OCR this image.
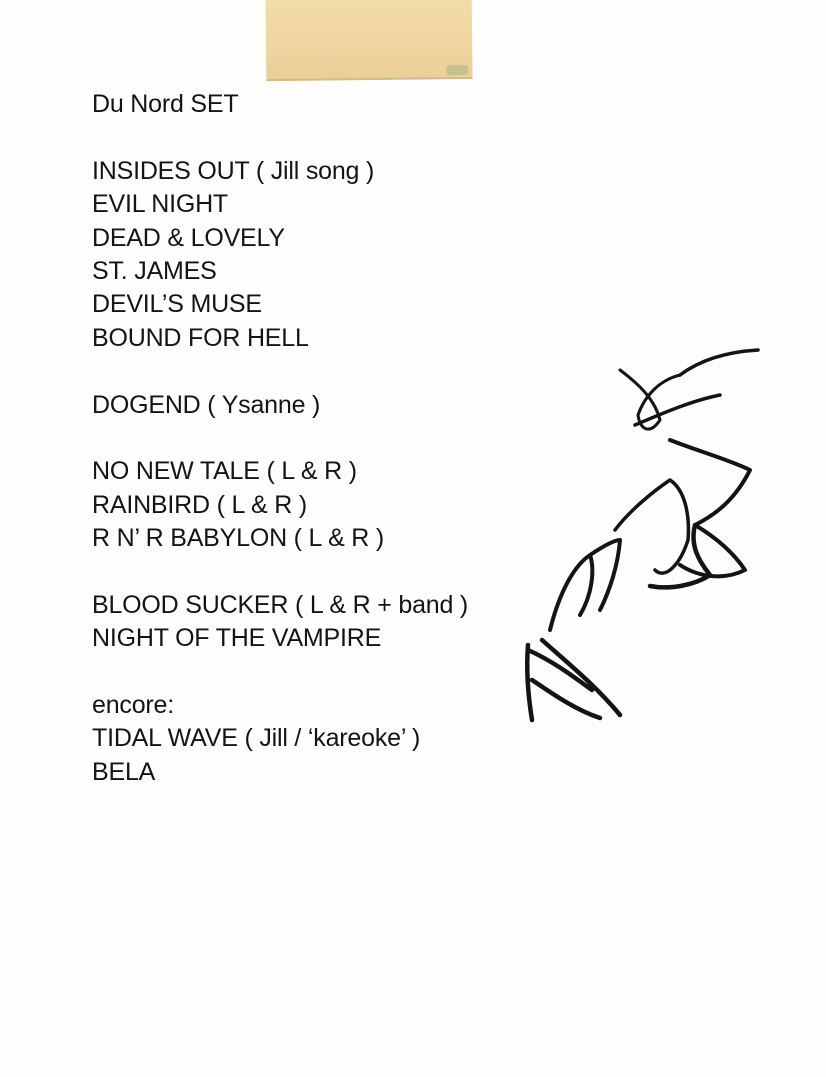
Du Nord SET
INSIDES OUT ( Jill song )
EVIL NIGHT
DEAD & LOVELY
ST. JAMES
DEVIL’S MUSE
BOUND FOR HELL
DOGEND ( Ysanne )
NO NEW TALE ( L & R )
RAINBIRD ( L & R )
R N’ R BABYLON ( L & R )
BLOOD SUCKER ( L & R + band )
NIGHT OF THE VAMPIRE
encore:
TIDAL WAVE ( Jill / ‘kareoke’ )
BELA
